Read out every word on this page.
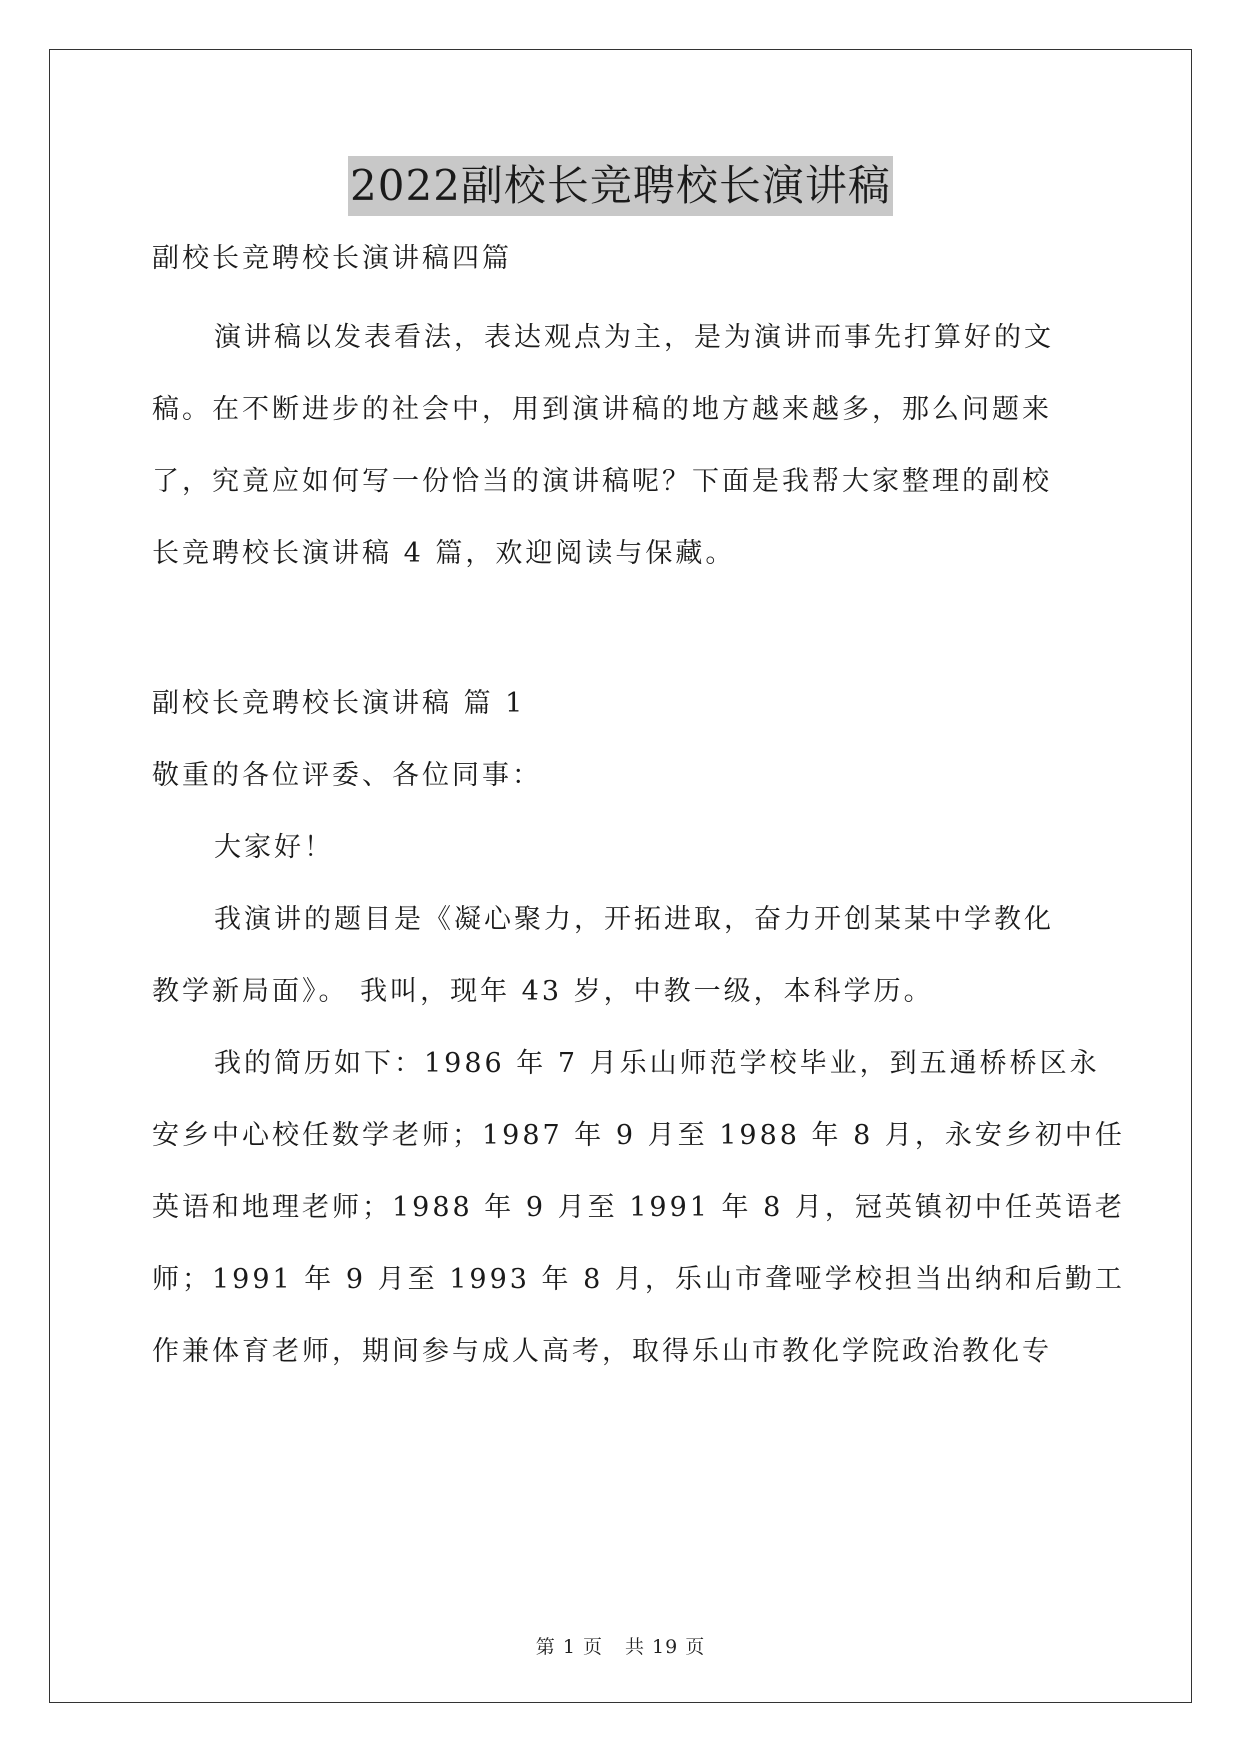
2022副校长竞聘校长演讲稿

副校长竞聘校长演讲稿四篇

演讲稿以发表看法，表达观点为主，是为演讲而事先打算好的文

稿。在不断进步的社会中，用到演讲稿的地方越来越多，那么问题来

了，究竟应如何写一份恰当的演讲稿呢？下面是我帮大家整理的副校

长竞聘校长演讲稿 4 篇，欢迎阅读与保藏。

副校长竞聘校长演讲稿 篇 1

敬重的各位评委、各位同事：

大家好！

我演讲的题目是《凝心聚力，开拓进取，奋力开创某某中学教化

教学新局面》。 我叫，现年 43 岁，中教一级，本科学历。

我的简历如下：1986 年 7 月乐山师范学校毕业，到五通桥桥区永

安乡中心校任数学老师；1987 年 9 月至 1988 年 8 月，永安乡初中任

英语和地理老师；1988 年 9 月至 1991 年 8 月，冠英镇初中任英语老

师；1991 年 9 月至 1993 年 8 月，乐山市聋哑学校担当出纳和后勤工

作兼体育老师，期间参与成人高考，取得乐山市教化学院政治教化专

第 1 页 共 19 页
